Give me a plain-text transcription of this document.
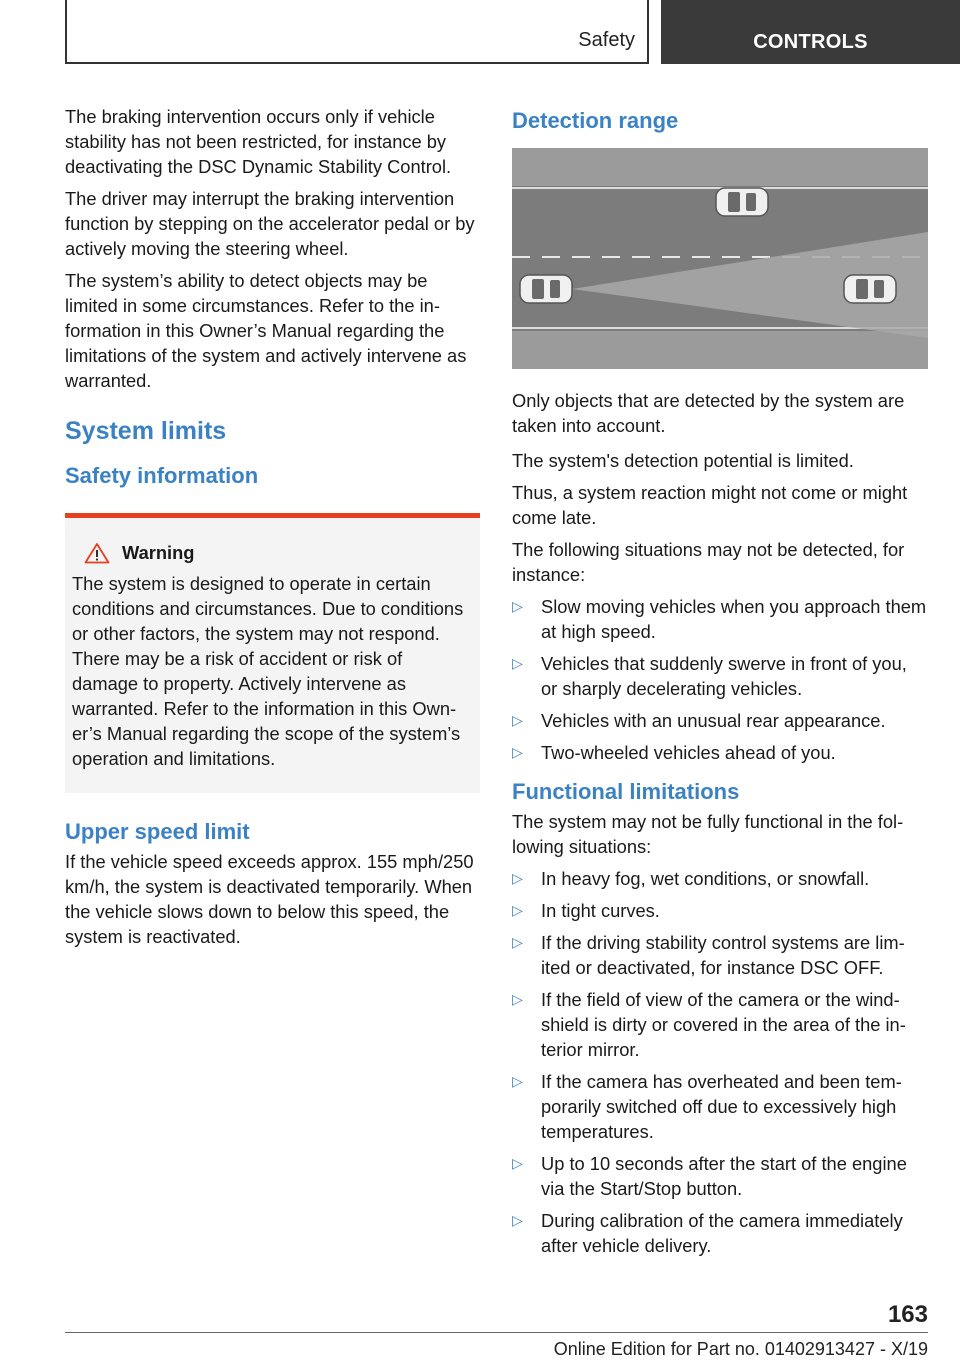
Safety	CONTROLS

The braking intervention occurs only if vehicle stability has not been restricted, for instance by deactivating the DSC Dynamic Stability Control.

The driver may interrupt the braking intervention function by stepping on the accelerator pedal or by actively moving the steering wheel.

The system’s ability to detect objects may be limited in some circumstances. Refer to the information in this Owner’s Manual regarding the limitations of the system and actively intervene as warranted.

System limits
Safety information
Warning

The system is designed to operate in certain conditions and circumstances. Due to conditions or other factors, the system may not respond. There may be a risk of accident or risk of damage to property. Actively intervene as warranted. Refer to the information in this Owner’s Manual regarding the scope of the system’s operation and limitations.

Upper speed limit

If the vehicle speed exceeds approx. 155 mph/250 km/h, the system is deactivated temporarily. When the vehicle slows down to below this speed, the system is reactivated.

Detection range

Only objects that are detected by the system are taken into account.

The system's detection potential is limited.

Thus, a system reaction might not come or might come late.

The following situations may not be detected, for instance:

▷ Slow moving vehicles when you approach them at high speed.
▷ Vehicles that suddenly swerve in front of you, or sharply decelerating vehicles.
▷ Vehicles with an unusual rear appearance.
▷ Two-wheeled vehicles ahead of you.
Functional limitations

The system may not be fully functional in the following situations:

▷ In heavy fog, wet conditions, or snowfall.
▷ In tight curves.
▷ If the driving stability control systems are limited or deactivated, for instance DSC OFF.
▷ If the field of view of the camera or the windshield is dirty or covered in the area of the interior mirror.
▷ If the camera has overheated and been temporarily switched off due to excessively high temperatures.
▷ Up to 10 seconds after the start of the engine via the Start/Stop button.
▷ During calibration of the camera immediately after vehicle delivery.
163
Online Edition for Part no. 01402913427 - X/19
